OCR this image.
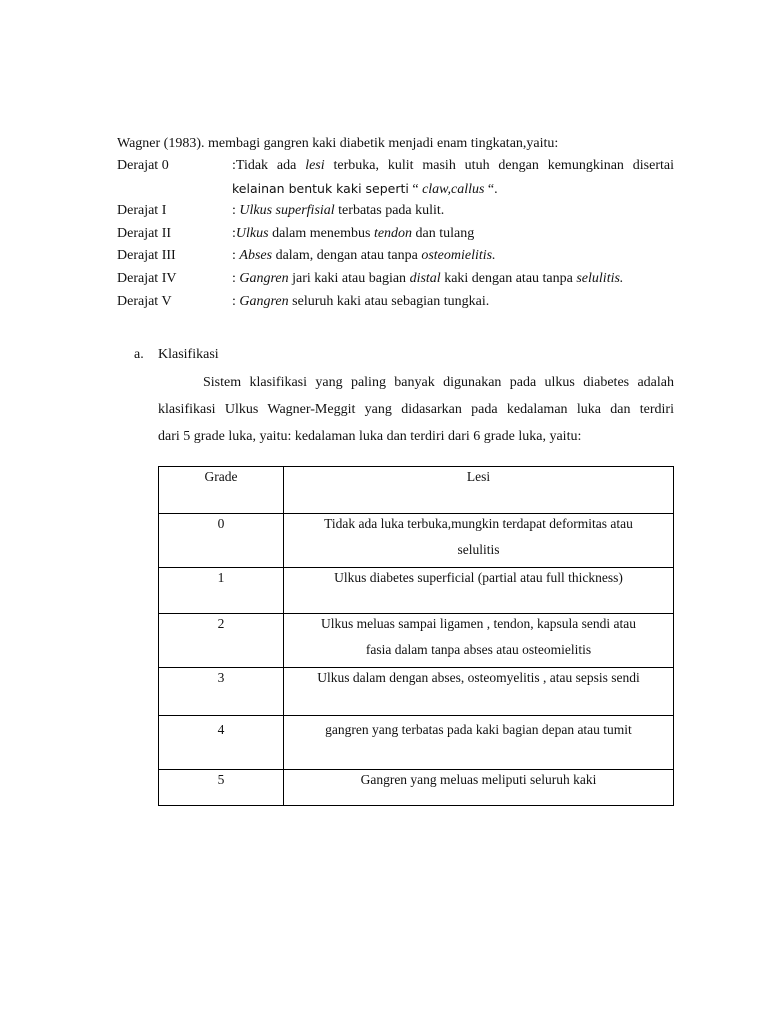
Wagner (1983). membagi gangren kaki diabetik menjadi enam tingkatan,yaitu:
Derajat 0	:Tidak ada lesi terbuka, kulit masih utuh dengan kemungkinan disertai
kelainan bentuk kaki seperti “ claw,callus “.
Derajat I	: Ulkus superfisial terbatas pada kulit.
Derajat II	:Ulkus dalam menembus tendon dan tulang
Derajat III	: Abses dalam, dengan atau tanpa osteomielitis.
Derajat IV	: Gangren jari kaki atau bagian distal kaki dengan atau tanpa selulitis.
Derajat V	: Gangren seluruh kaki atau sebagian tungkai.
a. Klasifikasi
Sistem klasifikasi yang paling banyak digunakan pada ulkus diabetes adalah
klasifikasi Ulkus Wagner-Meggit yang didasarkan pada kedalaman luka dan terdiri
dari 5 grade luka, yaitu: kedalaman luka dan terdiri dari 6 grade luka, yaitu:
Grade	Lesi

0	Tidak ada luka terbuka,mungkin terdapat deformitas atau
selulitis

1	Ulkus diabetes superficial (partial atau full thickness)

2	Ulkus meluas sampai ligamen , tendon, kapsula sendi atau
fasia dalam tanpa abses atau osteomielitis

3	Ulkus dalam dengan abses, osteomyelitis , atau sepsis sendi

4	gangren yang terbatas pada kaki bagian depan atau tumit

5	Gangren yang meluas meliputi seluruh kaki
